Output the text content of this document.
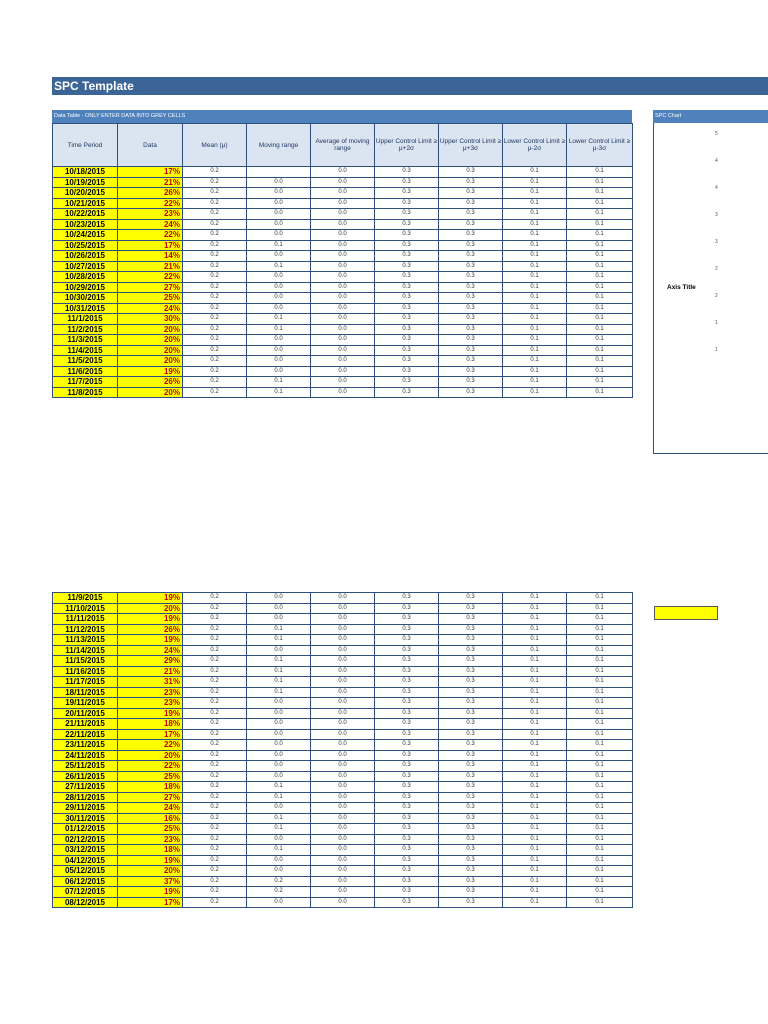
SPC Template
Data Table - ONLY ENTER DATA INTO GREY CELLS
Time Period	Data	Mean (μ)	Moving range	Average of moving range	Upper Control Limit ≥ μ+2σ	Upper Control Limit ≥ μ+3σ	Lower Control Limit ≥ μ-2σ	Lower Control Limit ≥ μ-3σ
10/18/2015	17%	0.2		0.0	0.3	0.3	0.1	0.1
10/19/2015	21%	0.2	0.0	0.0	0.3	0.3	0.1	0.1
10/20/2015	26%	0.2	0.0	0.0	0.3	0.3	0.1	0.1
10/21/2015	22%	0.2	0.0	0.0	0.3	0.3	0.1	0.1
10/22/2015	23%	0.2	0.0	0.0	0.3	0.3	0.1	0.1
10/23/2015	24%	0.2	0.0	0.0	0.3	0.3	0.1	0.1
10/24/2015	22%	0.2	0.0	0.0	0.3	0.3	0.1	0.1
10/25/2015	17%	0.2	0.1	0.0	0.3	0.3	0.1	0.1
10/26/2015	14%	0.2	0.0	0.0	0.3	0.3	0.1	0.1
10/27/2015	21%	0.2	0.1	0.0	0.3	0.3	0.1	0.1
10/28/2015	22%	0.2	0.0	0.0	0.3	0.3	0.1	0.1
10/29/2015	27%	0.2	0.0	0.0	0.3	0.3	0.1	0.1
10/30/2015	25%	0.2	0.0	0.0	0.3	0.3	0.1	0.1
10/31/2015	24%	0.2	0.0	0.0	0.3	0.3	0.1	0.1
11/1/2015	30%	0.2	0.1	0.0	0.3	0.3	0.1	0.1
11/2/2015	20%	0.2	0.1	0.0	0.3	0.3	0.1	0.1
11/3/2015	20%	0.2	0.0	0.0	0.3	0.3	0.1	0.1
11/4/2015	20%	0.2	0.0	0.0	0.3	0.3	0.1	0.1
11/5/2015	20%	0.2	0.0	0.0	0.3	0.3	0.1	0.1
11/6/2015	19%	0.2	0.0	0.0	0.3	0.3	0.1	0.1
11/7/2015	26%	0.2	0.1	0.0	0.3	0.3	0.1	0.1
11/8/2015	20%	0.2	0.1	0.0	0.3	0.3	0.1	0.1
11/9/2015	19%	0.2	0.0	0.0	0.3	0.3	0.1	0.1
11/10/2015	20%	0.2	0.0	0.0	0.3	0.3	0.1	0.1
11/11/2015	19%	0.2	0.0	0.0	0.3	0.3	0.1	0.1
11/12/2015	26%	0.2	0.1	0.0	0.3	0.3	0.1	0.1
11/13/2015	19%	0.2	0.1	0.0	0.3	0.3	0.1	0.1
11/14/2015	24%	0.2	0.0	0.0	0.3	0.3	0.1	0.1
11/15/2015	29%	0.2	0.1	0.0	0.3	0.3	0.1	0.1
11/16/2015	21%	0.2	0.1	0.0	0.3	0.3	0.1	0.1
11/17/2015	31%	0.2	0.1	0.0	0.3	0.3	0.1	0.1
18/11/2015	23%	0.2	0.1	0.0	0.3	0.3	0.1	0.1
19/11/2015	23%	0.2	0.0	0.0	0.3	0.3	0.1	0.1
20/11/2015	19%	0.2	0.0	0.0	0.3	0.3	0.1	0.1
21/11/2015	18%	0.2	0.0	0.0	0.3	0.3	0.1	0.1
22/11/2015	17%	0.2	0.0	0.0	0.3	0.3	0.1	0.1
23/11/2015	22%	0.2	0.0	0.0	0.3	0.3	0.1	0.1
24/11/2015	20%	0.2	0.0	0.0	0.3	0.3	0.1	0.1
25/11/2015	22%	0.2	0.0	0.0	0.3	0.3	0.1	0.1
26/11/2015	25%	0.2	0.0	0.0	0.3	0.3	0.1	0.1
27/11/2015	18%	0.2	0.1	0.0	0.3	0.3	0.1	0.1
28/11/2015	27%	0.2	0.1	0.0	0.3	0.3	0.1	0.1
29/11/2015	24%	0.2	0.0	0.0	0.3	0.3	0.1	0.1
30/11/2015	16%	0.2	0.1	0.0	0.3	0.3	0.1	0.1
01/12/2015	25%	0.2	0.1	0.0	0.3	0.3	0.1	0.1
02/12/2015	23%	0.2	0.0	0.0	0.3	0.3	0.1	0.1
03/12/2015	18%	0.2	0.1	0.0	0.3	0.3	0.1	0.1
04/12/2015	19%	0.2	0.0	0.0	0.3	0.3	0.1	0.1
05/12/2015	20%	0.2	0.0	0.0	0.3	0.3	0.1	0.1
06/12/2015	37%	0.2	0.2	0.0	0.3	0.3	0.1	0.1
07/12/2015	19%	0.2	0.2	0.0	0.3	0.3	0.1	0.1
08/12/2015	17%	0.2	0.0	0.0	0.3	0.3	0.1	0.1
SPC Chart
Axis Title
5
4
4
3
3
2
2
1
1
